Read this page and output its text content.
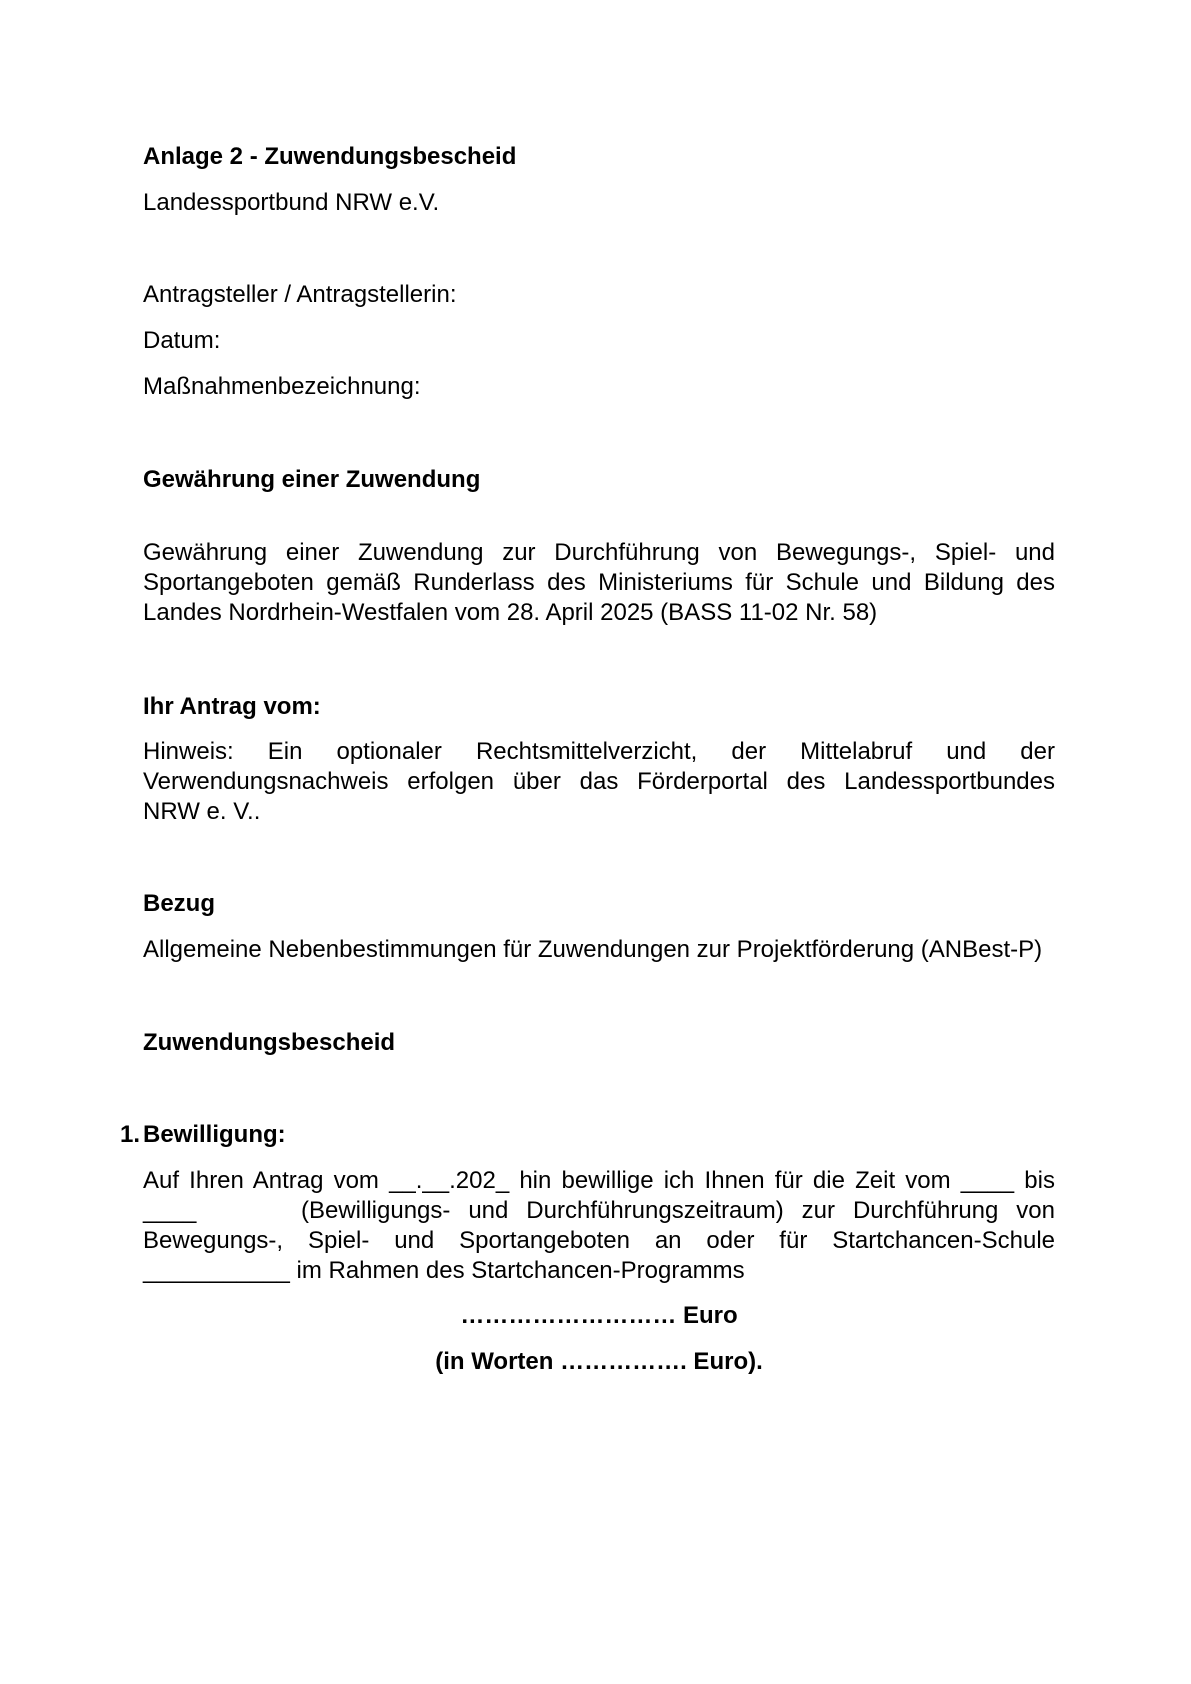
Anlage 2 - Zuwendungsbescheid
Landessportbund NRW e.V.
Antragsteller / Antragstellerin:
Datum:
Maßnahmenbezeichnung:
Gewährung einer Zuwendung
Gewährung einer Zuwendung zur Durchführung von Bewegungs-, Spiel- und
Sportangeboten gemäß Runderlass des Ministeriums für Schule und Bildung des
Landes Nordrhein-Westfalen vom 28. April 2025 (BASS 11-02 Nr. 58)
Ihr Antrag vom:
Hinweis: Ein optionaler Rechtsmittelverzicht, der Mittelabruf und der
Verwendungsnachweis erfolgen über das Förderportal des Landessportbundes
NRW e. V..
Bezug
Allgemeine Nebenbestimmungen für Zuwendungen zur Projektförderung (ANBest-P)
Zuwendungsbescheid
1. Bewilligung:
Auf Ihren Antrag vom __.__.202_ hin bewillige ich Ihnen für die Zeit vom ____ bis
____	(Bewilligungs- und Durchführungszeitraum) zur Durchführung von
Bewegungs-, Spiel- und Sportangeboten an oder für Startchancen-Schule
___________ im Rahmen des Startchancen-Programms
……………………… Euro
(in Worten ……………. Euro).
